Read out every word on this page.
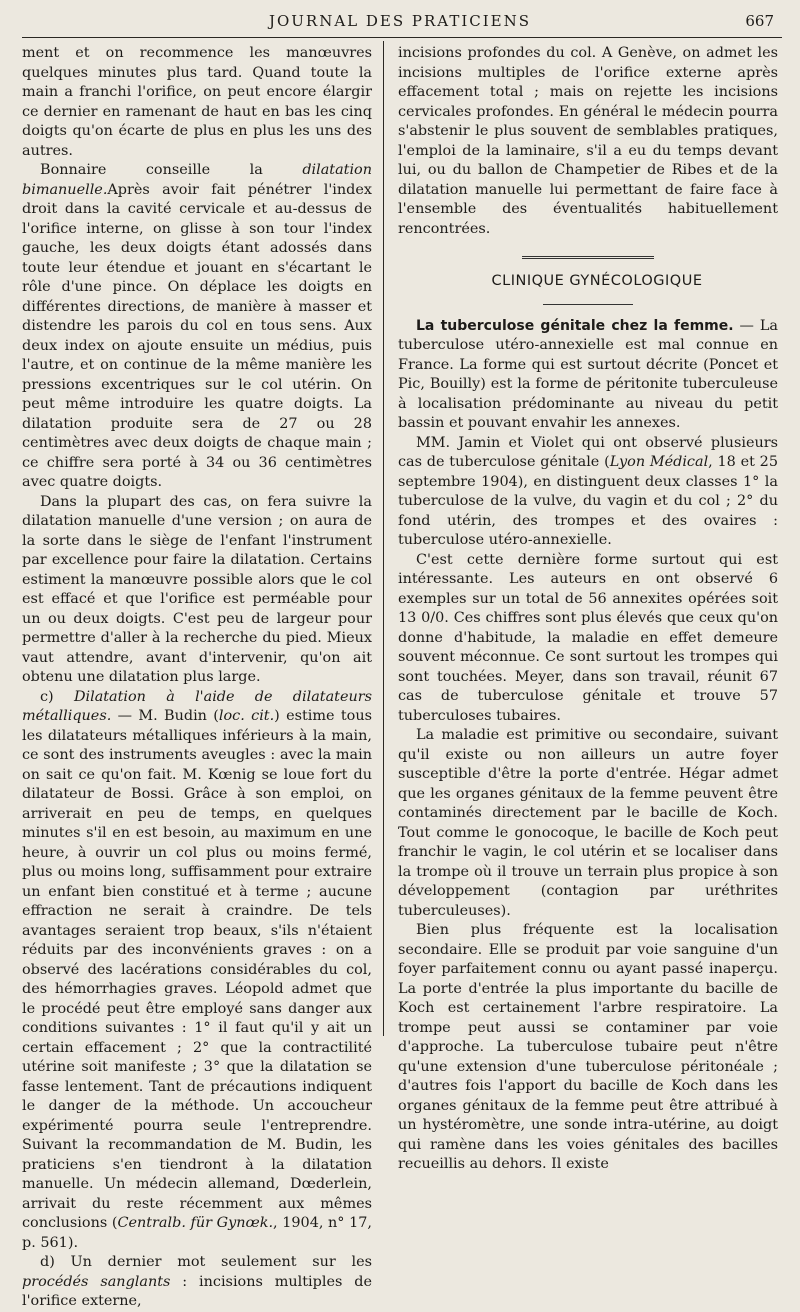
JOURNAL DES PRATICIENS	667

ment et on recommence les manœuvres quelques minutes plus tard. Quand toute la main a franchi l'orifice, on peut encore élargir ce dernier en ramenant de haut en bas les cinq doigts qu'on écarte de plus en plus les uns des autres.

Bonnaire conseille la dilatation bimanuelle.Après avoir fait pénétrer l'index droit dans la cavité cervicale et au-dessus de l'orifice interne, on glisse à son tour l'index gauche, les deux doigts étant adossés dans toute leur étendue et jouant en s'écartant le rôle d'une pince. On déplace les doigts en différentes directions, de manière à masser et distendre les parois du col en tous sens. Aux deux index on ajoute ensuite un médius, puis l'autre, et on continue de la même manière les pressions excentriques sur le col utérin. On peut même introduire les quatre doigts. La dilatation produite sera de 27 ou 28 centimètres avec deux doigts de chaque main ; ce chiffre sera porté à 34 ou 36 centimètres avec quatre doigts.

Dans la plupart des cas, on fera suivre la dilatation manuelle d'une version ; on aura de la sorte dans le siège de l'enfant l'instrument par excellence pour faire la dilatation. Certains estiment la manœuvre possible alors que le col est effacé et que l'orifice est perméable pour un ou deux doigts. C'est peu de largeur pour permettre d'aller à la recherche du pied. Mieux vaut attendre, avant d'intervenir, qu'on ait obtenu une dilatation plus large.

c) Dilatation à l'aide de dilatateurs métalliques. — M. Budin (loc. cit.) estime tous les dilatateurs métalliques inférieurs à la main, ce sont des instruments aveugles : avec la main on sait ce qu'on fait. M. Kœnig se loue fort du dilatateur de Bossi. Grâce à son emploi, on arriverait en peu de temps, en quelques minutes s'il en est besoin, au maximum en une heure, à ouvrir un col plus ou moins fermé, plus ou moins long, suffisamment pour extraire un enfant bien constitué et à terme ; aucune effraction ne serait à craindre. De tels avantages seraient trop beaux, s'ils n'étaient réduits par des inconvénients graves : on a observé des lacérations considérables du col, des hémorrhagies graves. Léopold admet que le procédé peut être employé sans danger aux conditions suivantes : 1° il faut qu'il y ait un certain effacement ; 2° que la contractilité utérine soit manifeste ; 3° que la dilatation se fasse lentement. Tant de précautions indiquent le danger de la méthode. Un accoucheur expérimenté pourra seule l'entreprendre. Suivant la recommandation de M. Budin, les praticiens s'en tiendront à la dilatation manuelle. Un médecin allemand, Dœderlein, arrivait du reste récemment aux mêmes conclusions (Centralb. für Gynœk., 1904, n° 17, p. 561).

d) Un dernier mot seulement sur les procédés sanglants : incisions multiples de l'orifice externe,

incisions profondes du col. A Genève, on admet les incisions multiples de l'orifice externe après effacement total ; mais on rejette les incisions cervicales profondes. En général le médecin pourra s'abstenir le plus souvent de semblables pratiques, l'emploi de la laminaire, s'il a eu du temps devant lui, ou du ballon de Champetier de Ribes et de la dilatation manuelle lui permettant de faire face à l'ensemble des éventualités habituellement rencontrées.

CLINIQUE GYNÉCOLOGIQUE

La tuberculose génitale chez la femme. — La tuberculose utéro-annexielle est mal connue en France. La forme qui est surtout décrite (Poncet et Pic, Bouilly) est la forme de péritonite tuberculeuse à localisation prédominante au niveau du petit bassin et pouvant envahir les annexes.

MM. Jamin et Violet qui ont observé plusieurs cas de tuberculose génitale (Lyon Médical, 18 et 25 septembre 1904), en distinguent deux classes 1° la tuberculose de la vulve, du vagin et du col ; 2° du fond utérin, des trompes et des ovaires : tuberculose utéro-annexielle.

C'est cette dernière forme surtout qui est intéressante. Les auteurs en ont observé 6 exemples sur un total de 56 annexites opérées soit 13 0/0. Ces chiffres sont plus élevés que ceux qu'on donne d'habitude, la maladie en effet demeure souvent méconnue. Ce sont surtout les trompes qui sont touchées. Meyer, dans son travail, réunit 67 cas de tuberculose génitale et trouve 57 tuberculoses tubaires.

La maladie est primitive ou secondaire, suivant qu'il existe ou non ailleurs un autre foyer susceptible d'être la porte d'entrée. Hégar admet que les organes génitaux de la femme peuvent être contaminés directement par le bacille de Koch. Tout comme le gonocoque, le bacille de Koch peut franchir le vagin, le col utérin et se localiser dans la trompe où il trouve un terrain plus propice à son développement (contagion par uréthrites tuberculeuses).

Bien plus fréquente est la localisation secondaire. Elle se produit par voie sanguine d'un foyer parfaitement connu ou ayant passé inaperçu. La porte d'entrée la plus importante du bacille de Koch est certainement l'arbre respiratoire. La trompe peut aussi se contaminer par voie d'approche. La tuberculose tubaire peut n'être qu'une extension d'une tuberculose péritonéale ; d'autres fois l'apport du bacille de Koch dans les organes génitaux de la femme peut être attribué à un hystéromètre, une sonde intra-utérine, au doigt qui ramène dans les voies génitales des bacilles recueillis au dehors. Il existe
